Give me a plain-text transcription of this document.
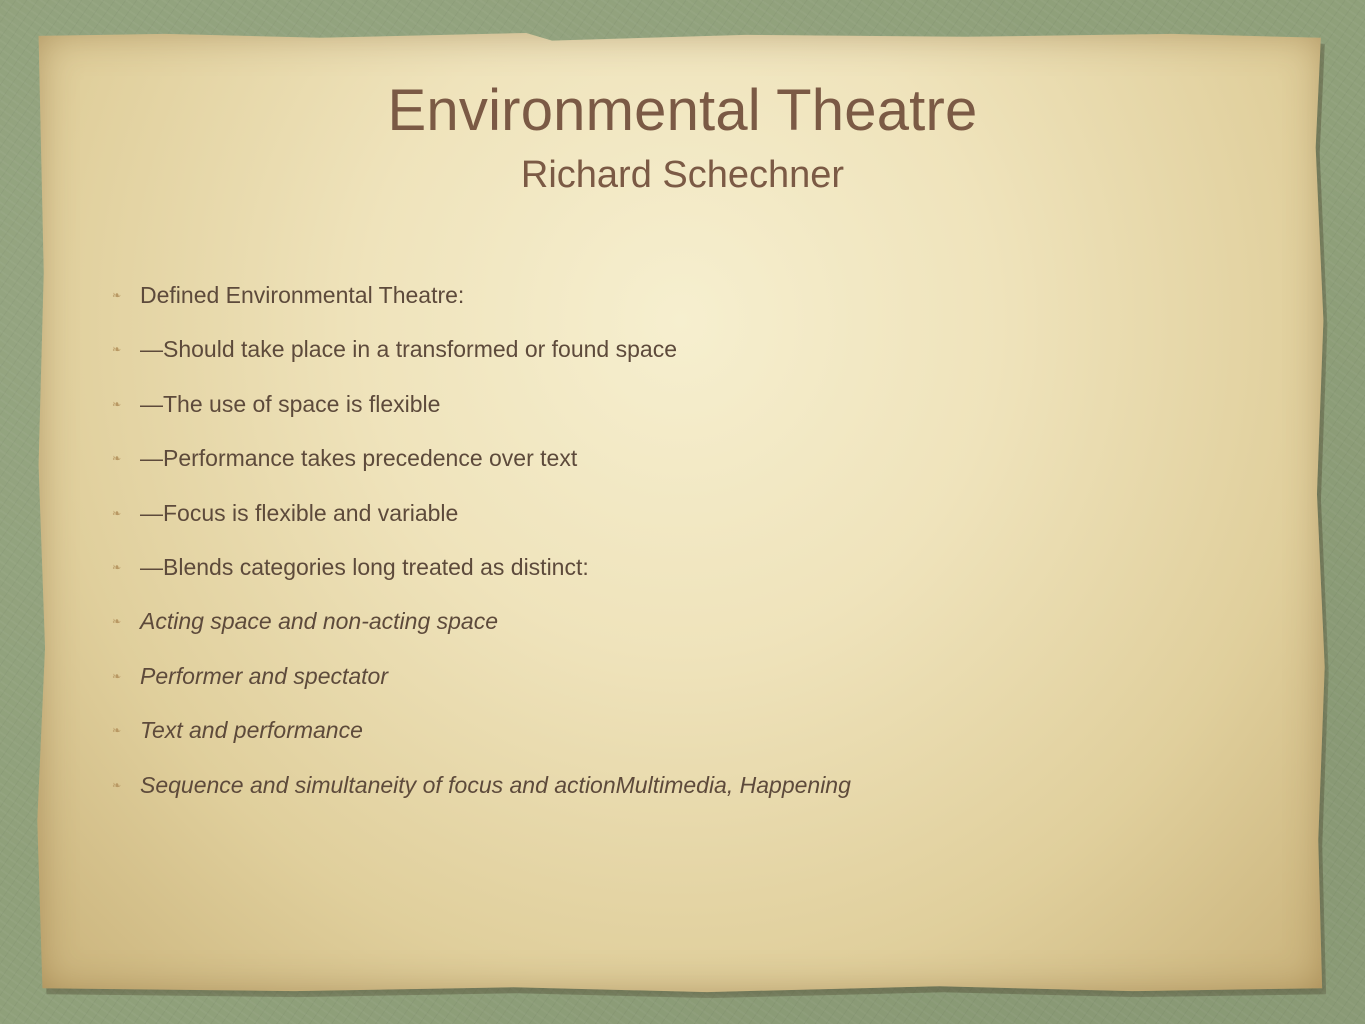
Environmental Theatre
Richard Schechner
❧ Defined Environmental Theatre:
❧ —Should take place in a transformed or found space
❧ —The use of space is flexible
❧ —Performance takes precedence over text
❧ —Focus is flexible and variable
❧ —Blends categories long treated as distinct:
❧ Acting space and non-acting space
❧ Performer and spectator
❧ Text and performance
❧ Sequence and simultaneity of focus and actionMultimedia, Happening
